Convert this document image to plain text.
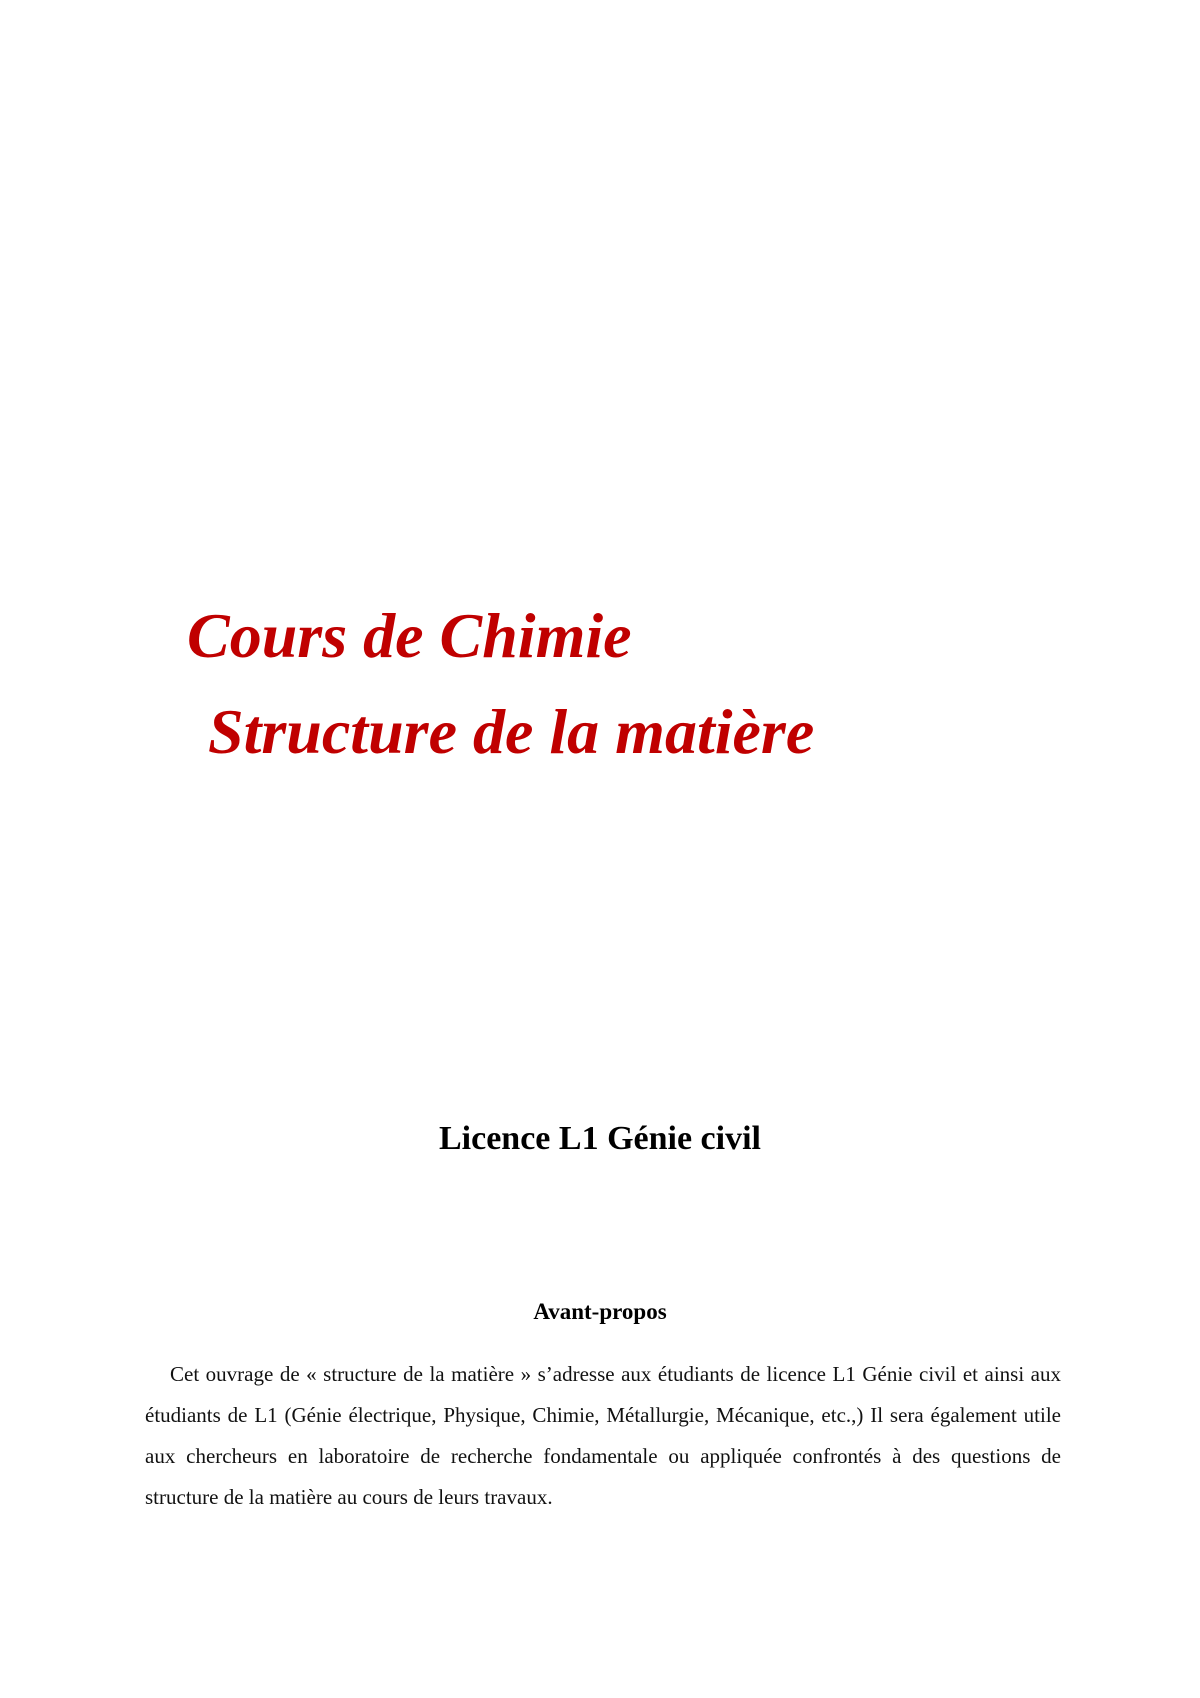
Cours de Chimie
Structure de la matière
Licence L1 Génie civil
Avant-propos

Cet ouvrage de « structure de la matière » s’adresse aux étudiants de licence L1 Génie civil et ainsi aux étudiants de L1 (Génie électrique, Physique, Chimie, Métallurgie, Mécanique, etc.,) Il sera également utile aux chercheurs en laboratoire de recherche fondamentale ou appliquée confrontés à des questions de structure de la matière au cours de leurs travaux.
